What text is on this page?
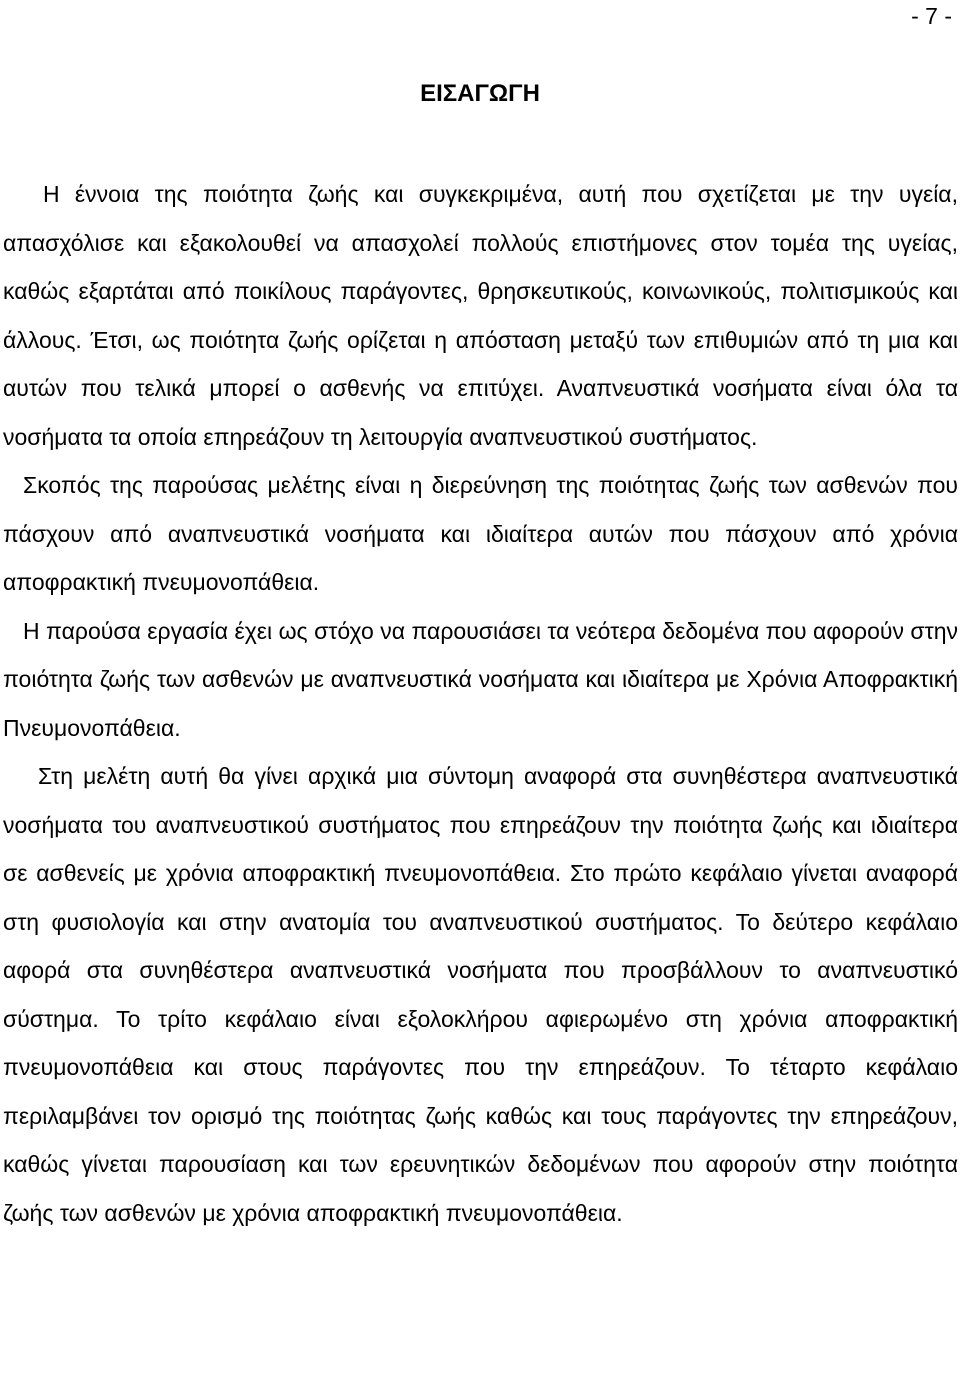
- 7 -
ΕΙΣΑΓΩΓΗ

Η έννοια της ποιότητα ζωής και συγκεκριμένα, αυτή που σχετίζεται με την υγεία, απασχόλισε και εξακολουθεί να απασχολεί πολλούς επιστήμονες στον τομέα της υγείας, καθώς εξαρτάται από ποικίλους παράγοντες, θρησκευτικούς, κοινωνικούς, πολιτισμικούς και άλλους. Έτσι, ως ποιότητα ζωής ορίζεται η απόσταση μεταξύ των επιθυμιών από τη μια και αυτών που τελικά μπορεί ο ασθενής να επιτύχει. Αναπνευστικά νοσήματα είναι όλα τα νοσήματα τα οποία επηρεάζουν τη λειτουργία αναπνευστικού συστήματος.

Σκοπός της παρούσας μελέτης είναι η διερεύνηση της ποιότητας ζωής των ασθενών που πάσχουν από αναπνευστικά νοσήματα και ιδιαίτερα αυτών που πάσχουν από χρόνια αποφρακτική πνευμονοπάθεια.

Η παρούσα εργασία έχει ως στόχο να παρουσιάσει τα νεότερα δεδομένα που αφορούν στην ποιότητα ζωής των ασθενών με αναπνευστικά νοσήματα και ιδιαίτερα με Χρόνια Αποφρακτική Πνευμονοπάθεια.

Στη μελέτη αυτή θα γίνει αρχικά μια σύντομη αναφορά στα συνηθέστερα αναπνευστικά νοσήματα του αναπνευστικού συστήματος που επηρεάζουν την ποιότητα ζωής και ιδιαίτερα σε ασθενείς με χρόνια αποφρακτική πνευμονοπάθεια. Στο πρώτο κεφάλαιο γίνεται αναφορά στη φυσιολογία και στην ανατομία του αναπνευστικού συστήματος. Το δεύτερο κεφάλαιο αφορά στα συνηθέστερα αναπνευστικά νοσήματα που προσβάλλουν το αναπνευστικό σύστημα. Το τρίτο κεφάλαιο είναι εξολοκλήρου αφιερωμένο στη χρόνια αποφρακτική πνευμονοπάθεια και στους παράγοντες που την επηρεάζουν. Το τέταρτο κεφάλαιο περιλαμβάνει τον ορισμό της ποιότητας ζωής καθώς και τους παράγοντες την επηρεάζουν, καθώς γίνεται παρουσίαση και των ερευνητικών δεδομένων που αφορούν στην ποιότητα ζωής των ασθενών με χρόνια αποφρακτική πνευμονοπάθεια.
